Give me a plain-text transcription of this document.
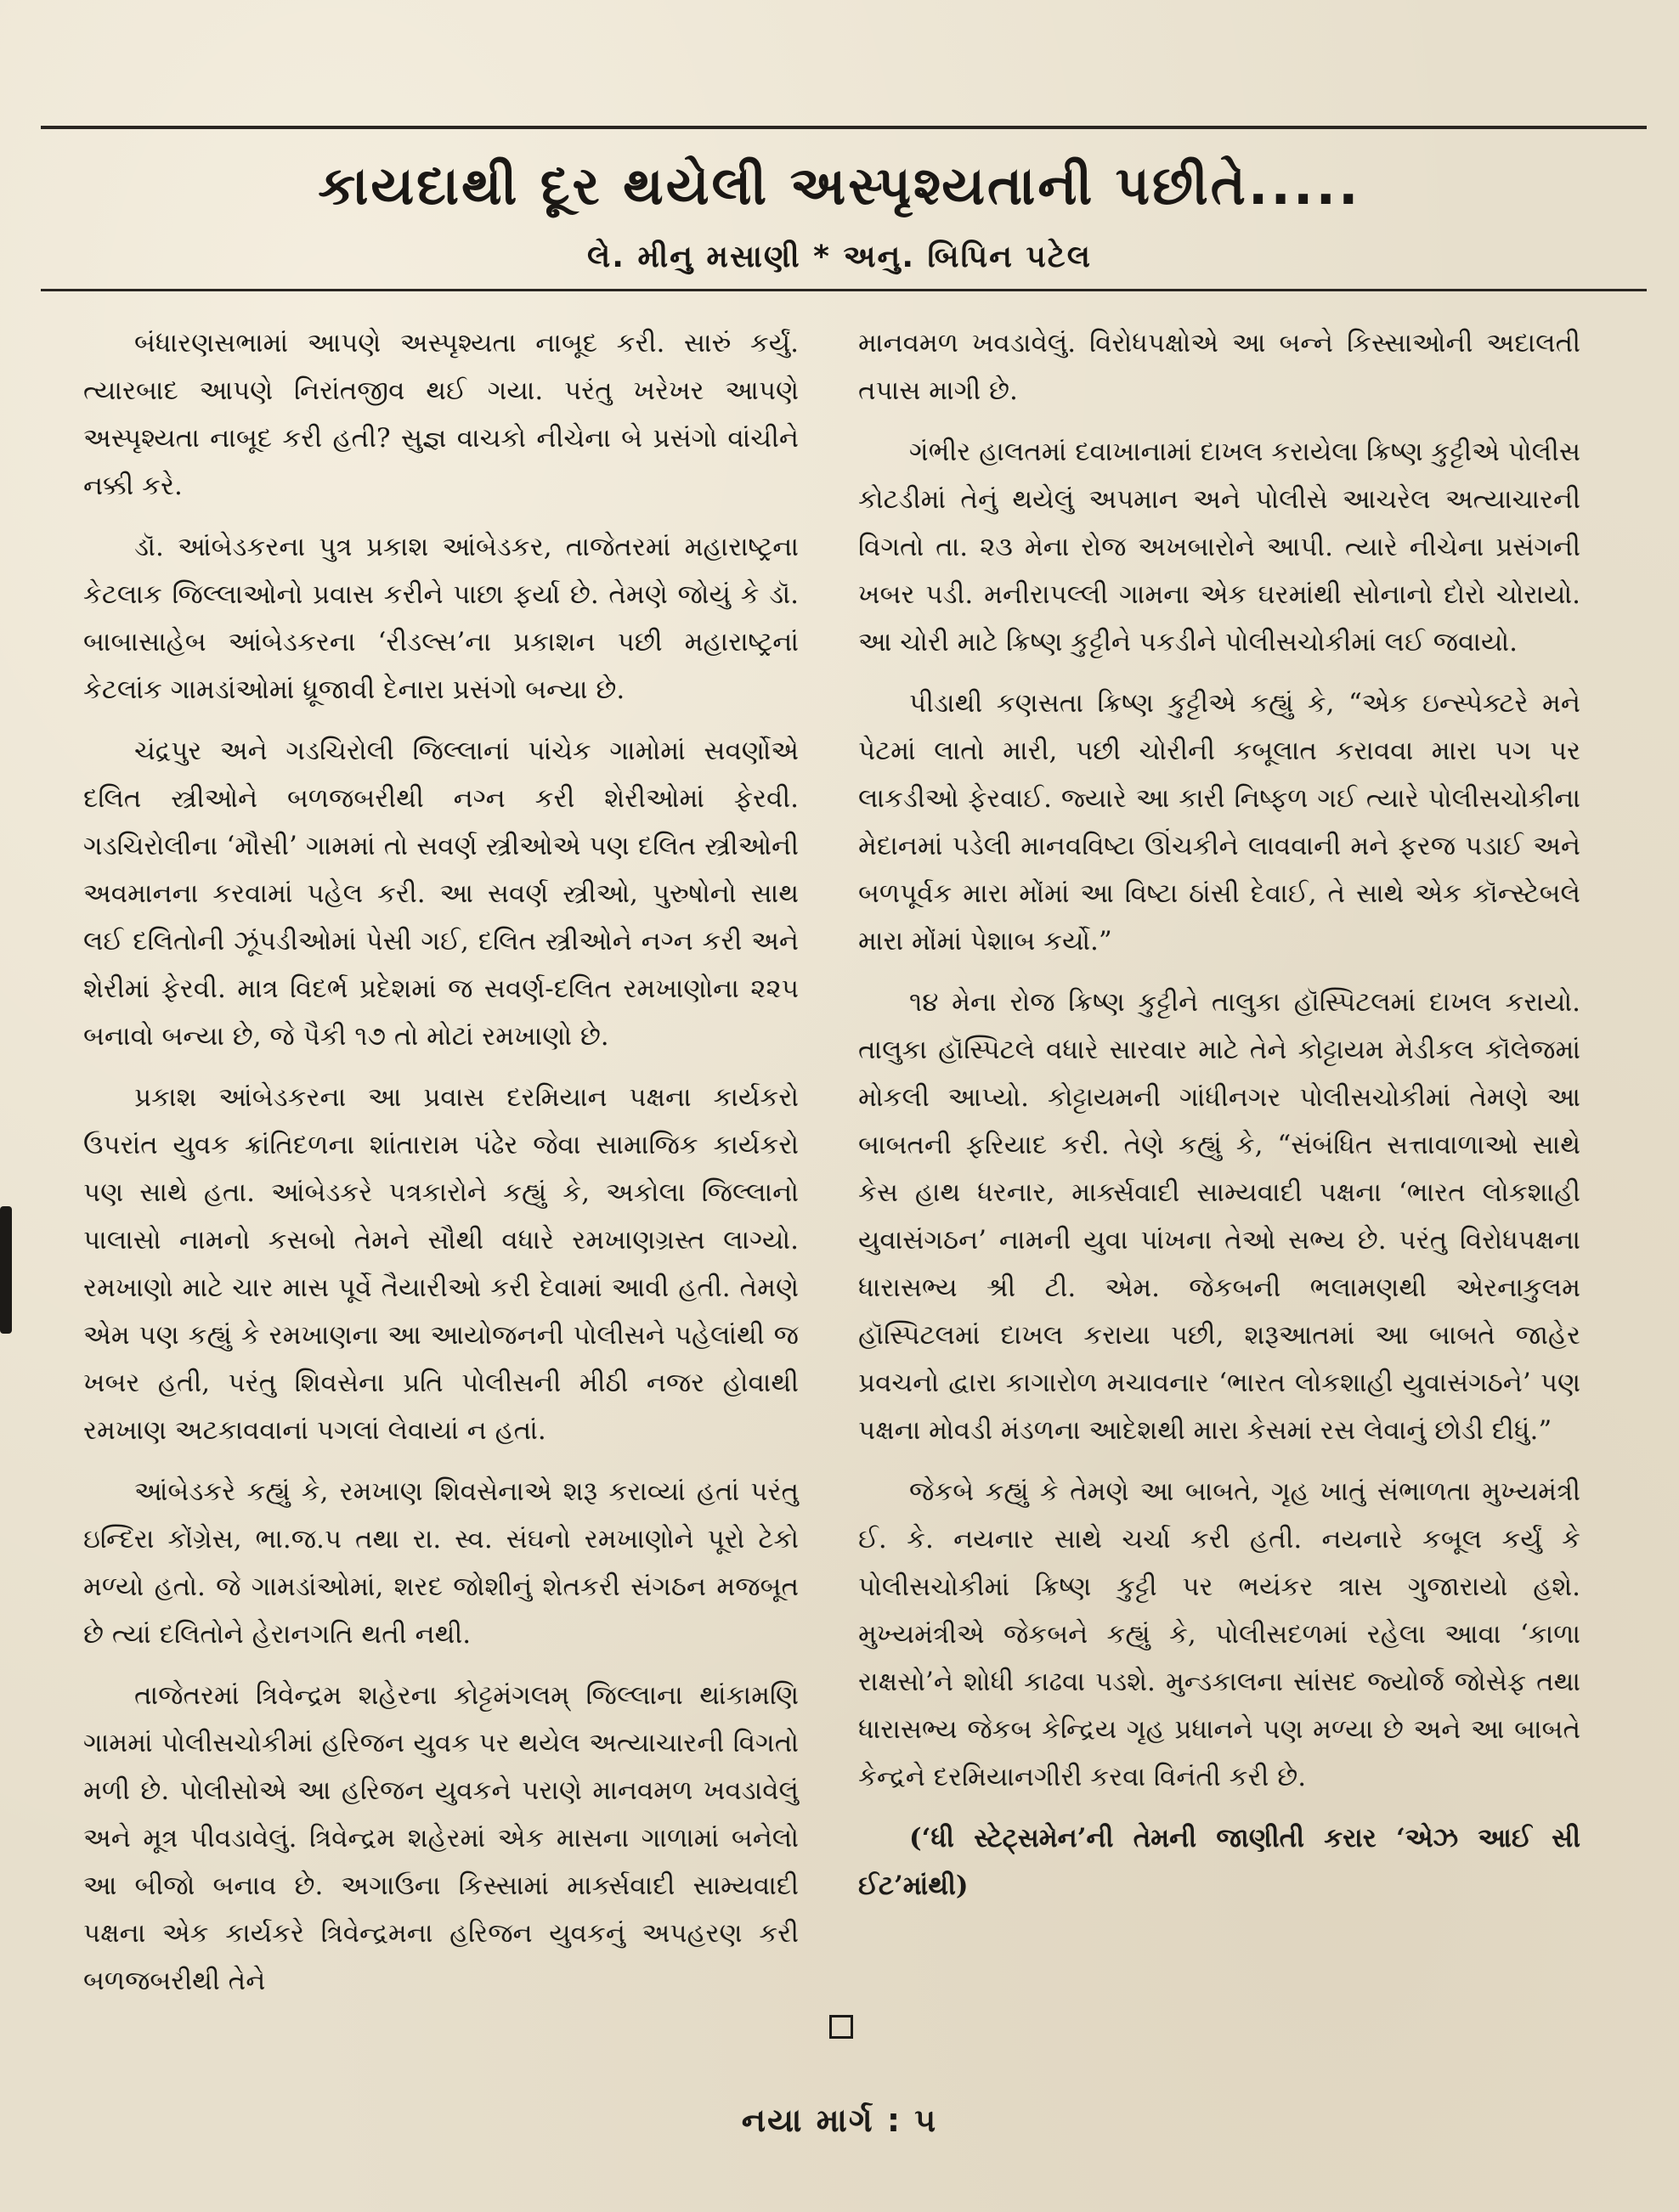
કાયદાથી દૂર થયેલી અસ્પૃશ્યતાની પછીતે.....
લે. મીનુ મસાણી * અનુ. બિપિન પટેલ

બંધારણસભામાં આપણે અસ્પૃશ્યતા નાબૂદ કરી. સારું કર્યું. ત્યારબાદ આપણે નિરાંતજીવ થઈ ગયા. પરંતુ ખરેખર આપણે અસ્પૃશ્યતા નાબૂદ કરી હતી? સુજ્ઞ વાચકો નીચેના બે પ્રસંગો વાંચીને નક્કી કરે.

ડૉ. આંબેડકરના પુત્ર પ્રકાશ આંબેડકર, તાજેતરમાં મહારાષ્ટ્રના કેટલાક જિલ્લાઓનો પ્રવાસ કરીને પાછા ફર્યા છે. તેમણે જોયું કે ડૉ. બાબાસાહેબ આંબેડકરના ‘રીડલ્સ’ના પ્રકાશન પછી મહારાષ્ટ્રનાં કેટલાંક ગામડાંઓમાં ધ્રૂજાવી દેનારા પ્રસંગો બન્યા છે.

ચંદ્રપુર અને ગડચિરોલી જિલ્લાનાં પાંચેક ગામોમાં સવર્ણોએ દલિત સ્ત્રીઓને બળજબરીથી નગ્ન કરી શેરીઓમાં ફેરવી. ગડચિરોલીના ‘મૌસી’ ગામમાં તો સવર્ણ સ્ત્રીઓએ પણ દલિત સ્ત્રીઓની અવમાનના કરવામાં પહેલ કરી. આ સવર્ણ સ્ત્રીઓ, પુરુષોનો સાથ લઈ દલિતોની ઝૂંપડીઓમાં પેસી ગઈ, દલિત સ્ત્રીઓને નગ્ન કરી અને શેરીમાં ફેરવી. માત્ર વિદર્ભ પ્રદેશમાં જ સવર્ણ-દલિત રમખાણોના ૨૨૫ બનાવો બન્યા છે, જે પૈકી ૧૭ તો મોટાં રમખાણો છે.

પ્રકાશ આંબેડકરના આ પ્રવાસ દરમિયાન પક્ષના કાર્યકરો ઉપરાંત યુવક ક્રાંતિદળના શાંતારામ પંઢેર જેવા સામાજિક કાર્યકરો પણ સાથે હતા. આંબેડકરે પત્રકારોને કહ્યું કે, અકોલા જિલ્લાનો પાલાસો નામનો કસબો તેમને સૌથી વધારે રમખાણગ્રસ્ત લાગ્યો. રમખાણો માટે ચાર માસ પૂર્વે તૈયારીઓ કરી દેવામાં આવી હતી. તેમણે એમ પણ કહ્યું કે રમખાણના આ આયોજનની પોલીસને પહેલાંથી જ ખબર હતી, પરંતુ શિવસેના પ્રતિ પોલીસની મીઠી નજર હોવાથી રમખાણ અટકાવવાનાં પગલાં લેવાયાં ન હતાં.

આંબેડકરે કહ્યું કે, રમખાણ શિવસેનાએ શરૂ કરાવ્યાં હતાં પરંતુ ઇન્દિરા કોંગ્રેસ, ભા.જ.પ તથા રા. સ્વ. સંઘનો રમખાણોને પૂરો ટેકો મળ્યો હતો. જે ગામડાંઓમાં, શરદ જોશીનું શેતકરી સંગઠન મજબૂત છે ત્યાં દલિતોને હેરાનગતિ થતી નથી.

તાજેતરમાં ત્રિવેન્દ્રમ શહેરના કોટ્ટમંગલમ્ જિલ્લાના થાંકામણિ ગામમાં પોલીસચોકીમાં હરિજન યુવક પર થયેલ અત્યાચારની વિગતો મળી છે. પોલીસોએ આ હરિજન યુવકને પરાણે માનવમળ ખવડાવેલું અને મૂત્ર પીવડાવેલું. ત્રિવેન્દ્રમ શહેરમાં એક માસના ગાળામાં બનેલો આ બીજો બનાવ છે. અગાઉના કિસ્સામાં માર્ક્સવાદી સામ્યવાદી પક્ષના એક કાર્યકરે ત્રિવેન્દ્રમના હરિજન યુવકનું અપહરણ કરી બળજબરીથી તેને

માનવમળ ખવડાવેલું. વિરોધપક્ષોએ આ બન્ને કિસ્સાઓની અદાલતી તપાસ માગી છે.

ગંભીર હાલતમાં દવાખાનામાં દાખલ કરાયેલા ક્રિષ્ણ કુટ્ટીએ પોલીસ કોટડીમાં તેનું થયેલું અપમાન અને પોલીસે આચરેલ અત્યાચારની વિગતો તા. ૨૩ મેના રોજ અખબારોને આપી. ત્યારે નીચેના પ્રસંગની ખબર પડી. મનીરાપલ્લી ગામના એક ઘરમાંથી સોનાનો દોરો ચોરાયો. આ ચોરી માટે ક્રિષ્ણ કુટ્ટીને પકડીને પોલીસચોકીમાં લઈ જવાયો.

પીડાથી કણસતા ક્રિષ્ણ કુટ્ટીએ કહ્યું કે, “એક ઇન્સ્પેક્ટરે મને પેટમાં લાતો મારી, પછી ચોરીની કબૂલાત કરાવવા મારા પગ પર લાકડીઓ ફેરવાઈ. જ્યારે આ કારી નિષ્ફળ ગઈ ત્યારે પોલીસચોકીના મેદાનમાં પડેલી માનવવિષ્ટા ઊંચકીને લાવવાની મને ફરજ પડાઈ અને બળપૂર્વક મારા મોંમાં આ વિષ્ટા ઠાંસી દેવાઈ, તે સાથે એક કૉન્સ્ટેબલે મારા મોંમાં પેશાબ કર્યો.”

૧૪ મેના રોજ ક્રિષ્ણ કુટ્ટીને તાલુકા હૉસ્પિટલમાં દાખલ કરાયો. તાલુકા હૉસ્પિટલે વધારે સારવાર માટે તેને કોટ્ટાયમ મેડીકલ કૉલેજમાં મોકલી આપ્યો. કોટ્ટાયમની ગાંધીનગર પોલીસચોકીમાં તેમણે આ બાબતની ફરિયાદ કરી. તેણે કહ્યું કે, “સંબંધિત સત્તાવાળાઓ સાથે કેસ હાથ ધરનાર, માર્ક્સવાદી સામ્યવાદી પક્ષના ‘ભારત લોકશાહી યુવાસંગઠન’ નામની યુવા પાંખના તેઓ સભ્ય છે. પરંતુ વિરોધપક્ષના ધારાસભ્ય શ્રી ટી. એમ. જેકબની ભલામણથી એરનાકુલમ હૉસ્પિટલમાં દાખલ કરાયા પછી, શરૂઆતમાં આ બાબતે જાહેર પ્રવચનો દ્વારા કાગારોળ મચાવનાર ‘ભારત લોકશાહી યુવાસંગઠને’ પણ પક્ષના મોવડી મંડળના આદેશથી મારા કેસમાં રસ લેવાનું છોડી દીધું.”

જેકબે કહ્યું કે તેમણે આ બાબતે, ગૃહ ખાતું સંભાળતા મુખ્યમંત્રી ઈ. કે. નયનાર સાથે ચર્ચા કરી હતી. નયનારે કબૂલ કર્યું કે પોલીસચોકીમાં ક્રિષ્ણ કુટ્ટી પર ભયંકર ત્રાસ ગુજારાયો હશે. મુખ્યમંત્રીએ જેકબને કહ્યું કે, પોલીસદળમાં રહેલા આવા ‘કાળા રાક્ષસો’ને શોધી કાઢવા પડશે. મુન્ડકાલના સાંસદ જ્યોર્જ જોસેફ તથા ધારાસભ્ય જેકબ કેન્દ્રિય ગૃહ પ્રધાનને પણ મળ્યા છે અને આ બાબતે કેન્દ્રને દરમિયાનગીરી કરવા વિનંતી કરી છે.

(‘ધી સ્ટેટ્સમેન’ની તેમની જાણીતી કરાર ‘એઝ આઈ સી ઈટ’માંથી)

નયા માર્ગ : ૫
